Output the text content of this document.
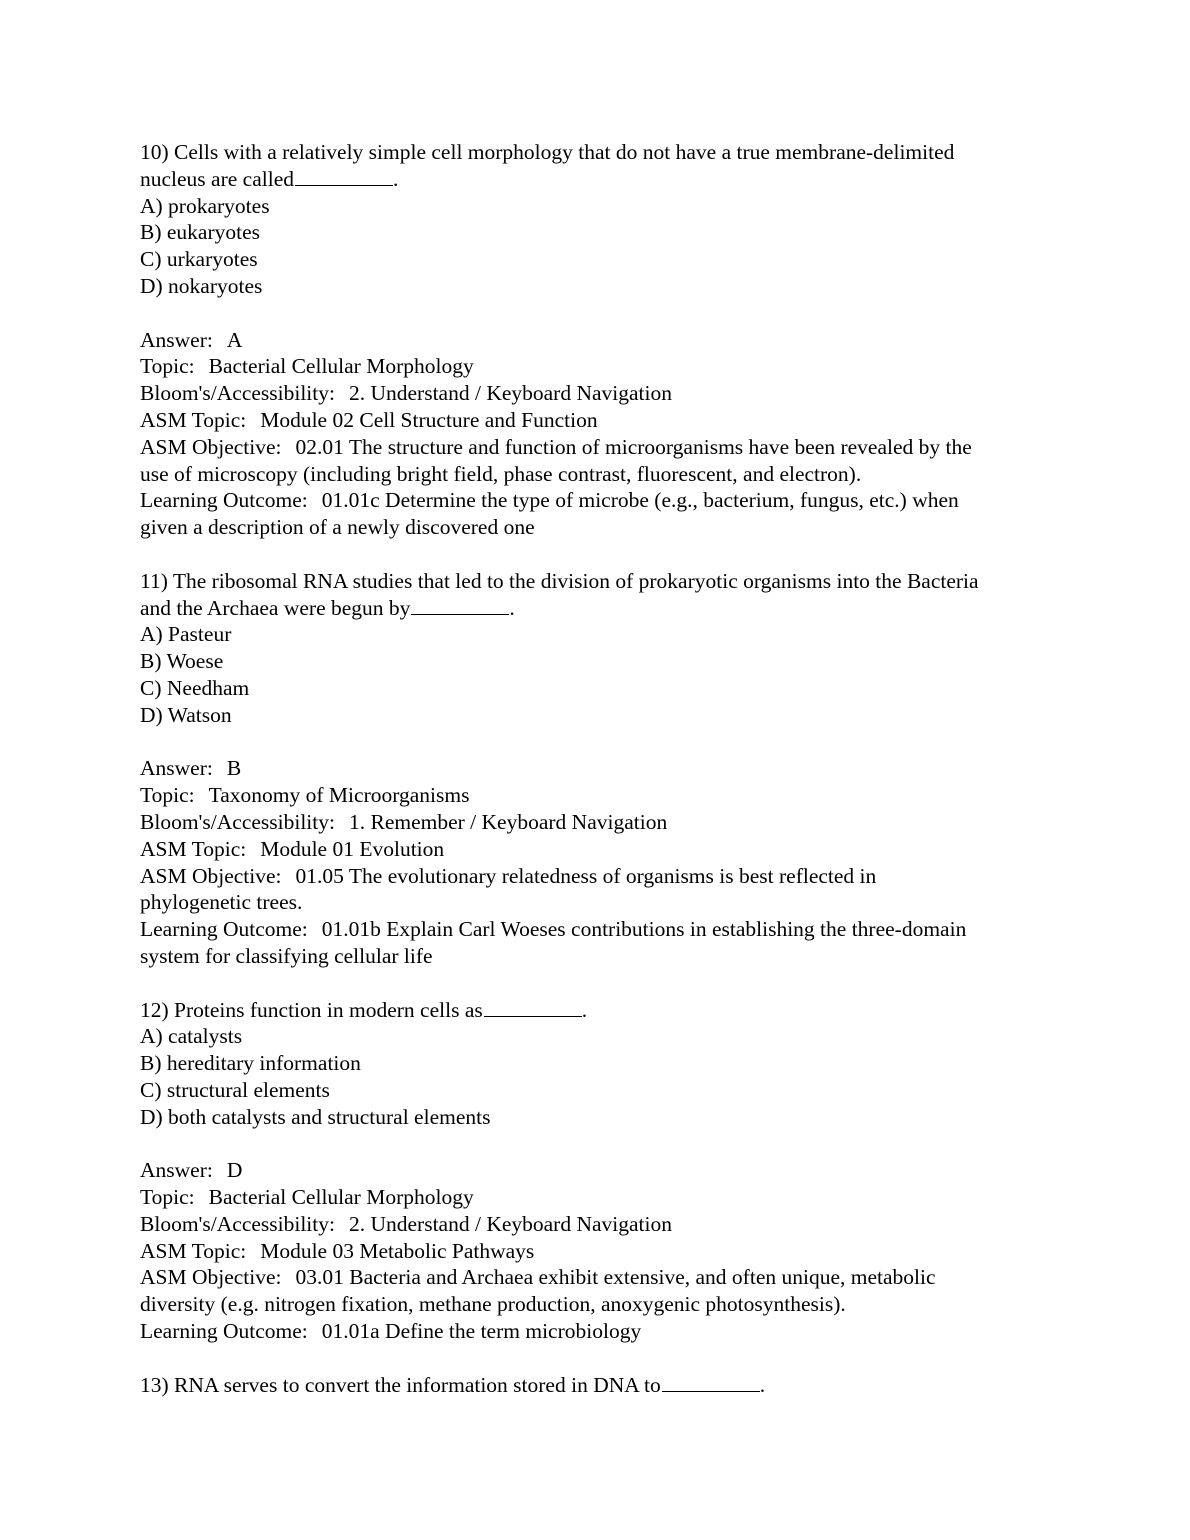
10) Cells with a relatively simple cell morphology that do not have a true membrane-delimited
nucleus are called	.
A) prokaryotes
B) eukaryotes
C) urkaryotes
D) nokaryotes
Answer: A
Topic: Bacterial Cellular Morphology
Bloom's/Accessibility: 2. Understand / Keyboard Navigation
ASM Topic: Module 02 Cell Structure and Function
ASM Objective: 02.01 The structure and function of microorganisms have been revealed by the
use of microscopy (including bright field, phase contrast, fluorescent, and electron).
Learning Outcome: 01.01c Determine the type of microbe (e.g., bacterium, fungus, etc.) when
given a description of a newly discovered one
11) The ribosomal RNA studies that led to the division of prokaryotic organisms into the Bacteria
and the Archaea were begun by	.
A) Pasteur
B) Woese
C) Needham
D) Watson
Answer: B
Topic: Taxonomy of Microorganisms
Bloom's/Accessibility: 1. Remember / Keyboard Navigation
ASM Topic: Module 01 Evolution
ASM Objective: 01.05 The evolutionary relatedness of organisms is best reflected in
phylogenetic trees.
Learning Outcome: 01.01b Explain Carl Woeses contributions in establishing the three-domain
system for classifying cellular life
12) Proteins function in modern cells as	.
A) catalysts
B) hereditary information
C) structural elements
D) both catalysts and structural elements
Answer: D
Topic: Bacterial Cellular Morphology
Bloom's/Accessibility: 2. Understand / Keyboard Navigation
ASM Topic: Module 03 Metabolic Pathways
ASM Objective: 03.01 Bacteria and Archaea exhibit extensive, and often unique, metabolic
diversity (e.g. nitrogen fixation, methane production, anoxygenic photosynthesis).
Learning Outcome: 01.01a Define the term microbiology
13) RNA serves to convert the information stored in DNA to	.
